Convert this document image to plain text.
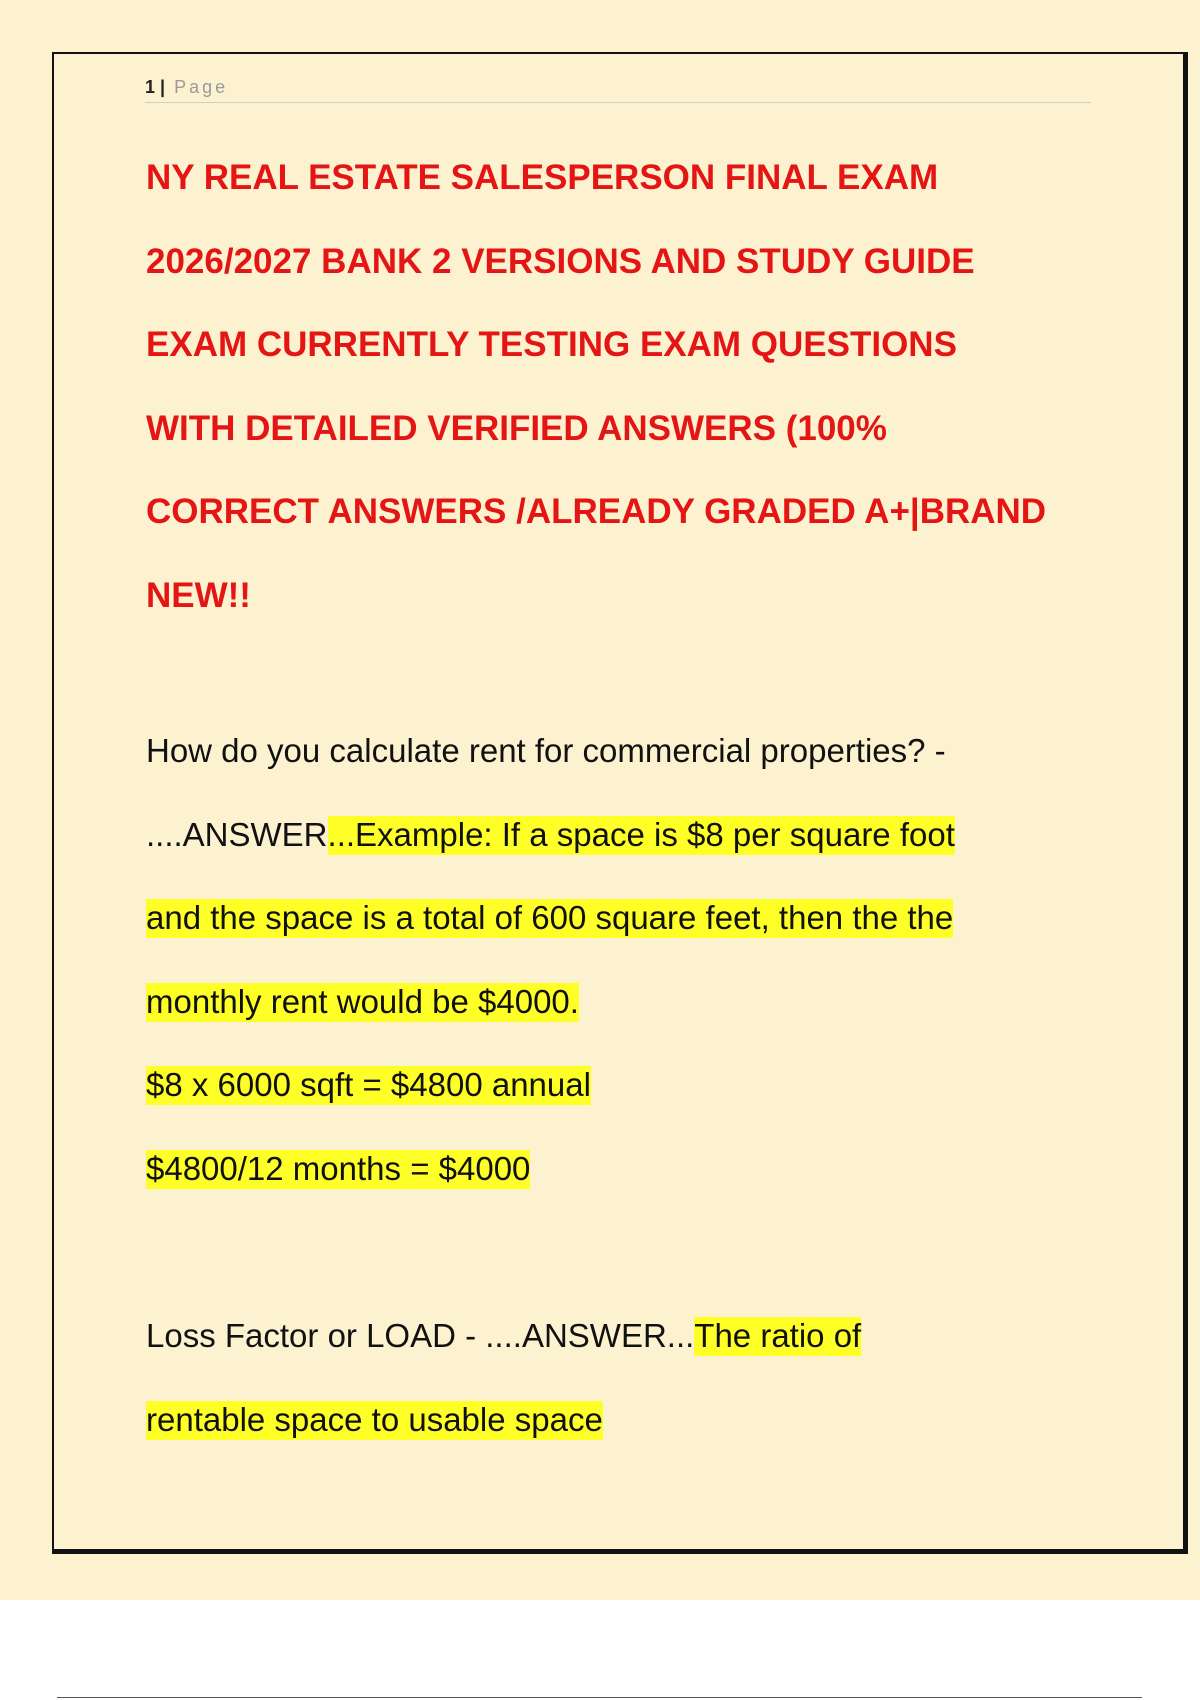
1 | Page
NY REAL ESTATE SALESPERSON FINAL EXAM
2026/2027 BANK 2 VERSIONS AND STUDY GUIDE
EXAM CURRENTLY TESTING EXAM QUESTIONS
WITH DETAILED VERIFIED ANSWERS (100%
CORRECT ANSWERS /ALREADY GRADED A+|BRAND
NEW!!
How do you calculate rent for commercial properties? -
....ANSWER...Example: If a space is $8 per square foot
and the space is a total of 600 square feet, then the the
monthly rent would be $4000.
$8 x 6000 sqft = $4800 annual
$4800/12 months = $4000
Loss Factor or LOAD - ....ANSWER...The ratio of
rentable space to usable space
